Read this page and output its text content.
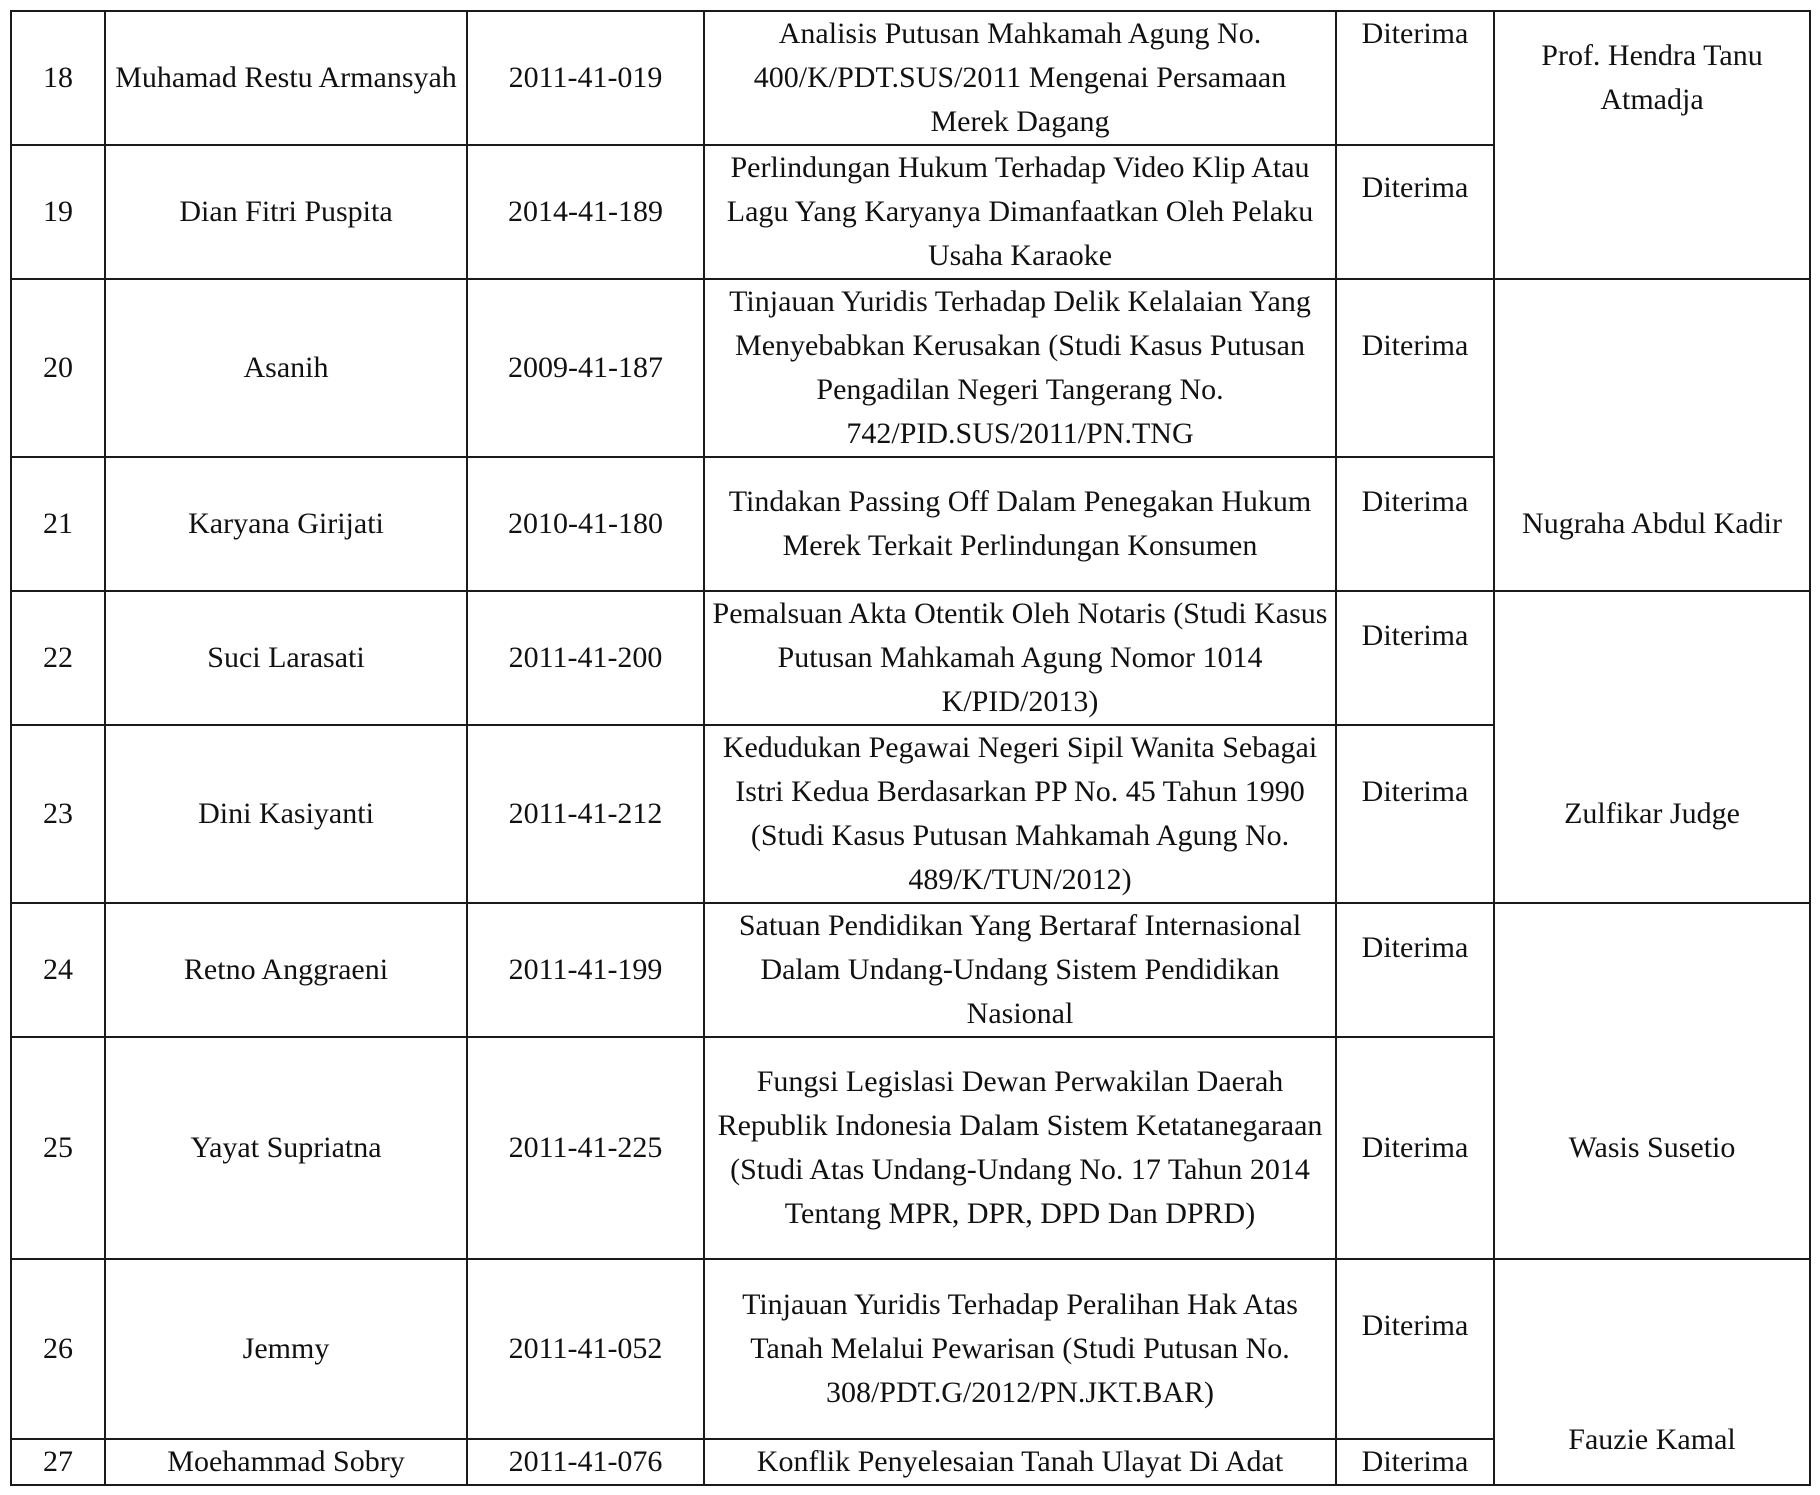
18	Muhamad Restu Armansyah	2011-41-019	Analisis Putusan Mahkamah Agung No. 400/K/PDT.SUS/2011 Mengenai Persamaan Merek Dagang	Diterima	Prof. Hendra Tanu Atmadja
19	Dian Fitri Puspita	2014-41-189	Perlindungan Hukum Terhadap Video Klip Atau Lagu Yang Karyanya Dimanfaatkan Oleh Pelaku Usaha Karaoke	Diterima	
20	Asanih	2009-41-187	Tinjauan Yuridis Terhadap Delik Kelalaian Yang Menyebabkan Kerusakan (Studi Kasus Putusan Pengadilan Negeri Tangerang No. 742/PID.SUS/2011/PN.TNG	Diterima	Nugraha Abdul Kadir
21	Karyana Girijati	2010-41-180	Tindakan Passing Off Dalam Penegakan Hukum Merek Terkait Perlindungan Konsumen	Diterima	
22	Suci Larasati	2011-41-200	Pemalsuan Akta Otentik Oleh Notaris (Studi Kasus Putusan Mahkamah Agung Nomor 1014 K/PID/2013)	Diterima	Zulfikar Judge
23	Dini Kasiyanti	2011-41-212	Kedudukan Pegawai Negeri Sipil Wanita Sebagai Istri Kedua Berdasarkan PP No. 45 Tahun 1990 (Studi Kasus Putusan Mahkamah Agung No. 489/K/TUN/2012)	Diterima	
24	Retno Anggraeni	2011-41-199	Satuan Pendidikan Yang Bertaraf Internasional Dalam Undang-Undang Sistem Pendidikan Nasional	Diterima	Wasis Susetio
25	Yayat Supriatna	2011-41-225	Fungsi Legislasi Dewan Perwakilan Daerah Republik Indonesia Dalam Sistem Ketatanegaraan (Studi Atas Undang-Undang No. 17 Tahun 2014 Tentang MPR, DPR, DPD Dan DPRD)	Diterima	
26	Jemmy	2011-41-052	Tinjauan Yuridis Terhadap Peralihan Hak Atas Tanah Melalui Pewarisan (Studi Putusan No. 308/PDT.G/2012/PN.JKT.BAR)	Diterima	Fauzie Kamal
27	Moehammad Sobry	2011-41-076	Konflik Penyelesaian Tanah Ulayat Di Adat	Diterima	
